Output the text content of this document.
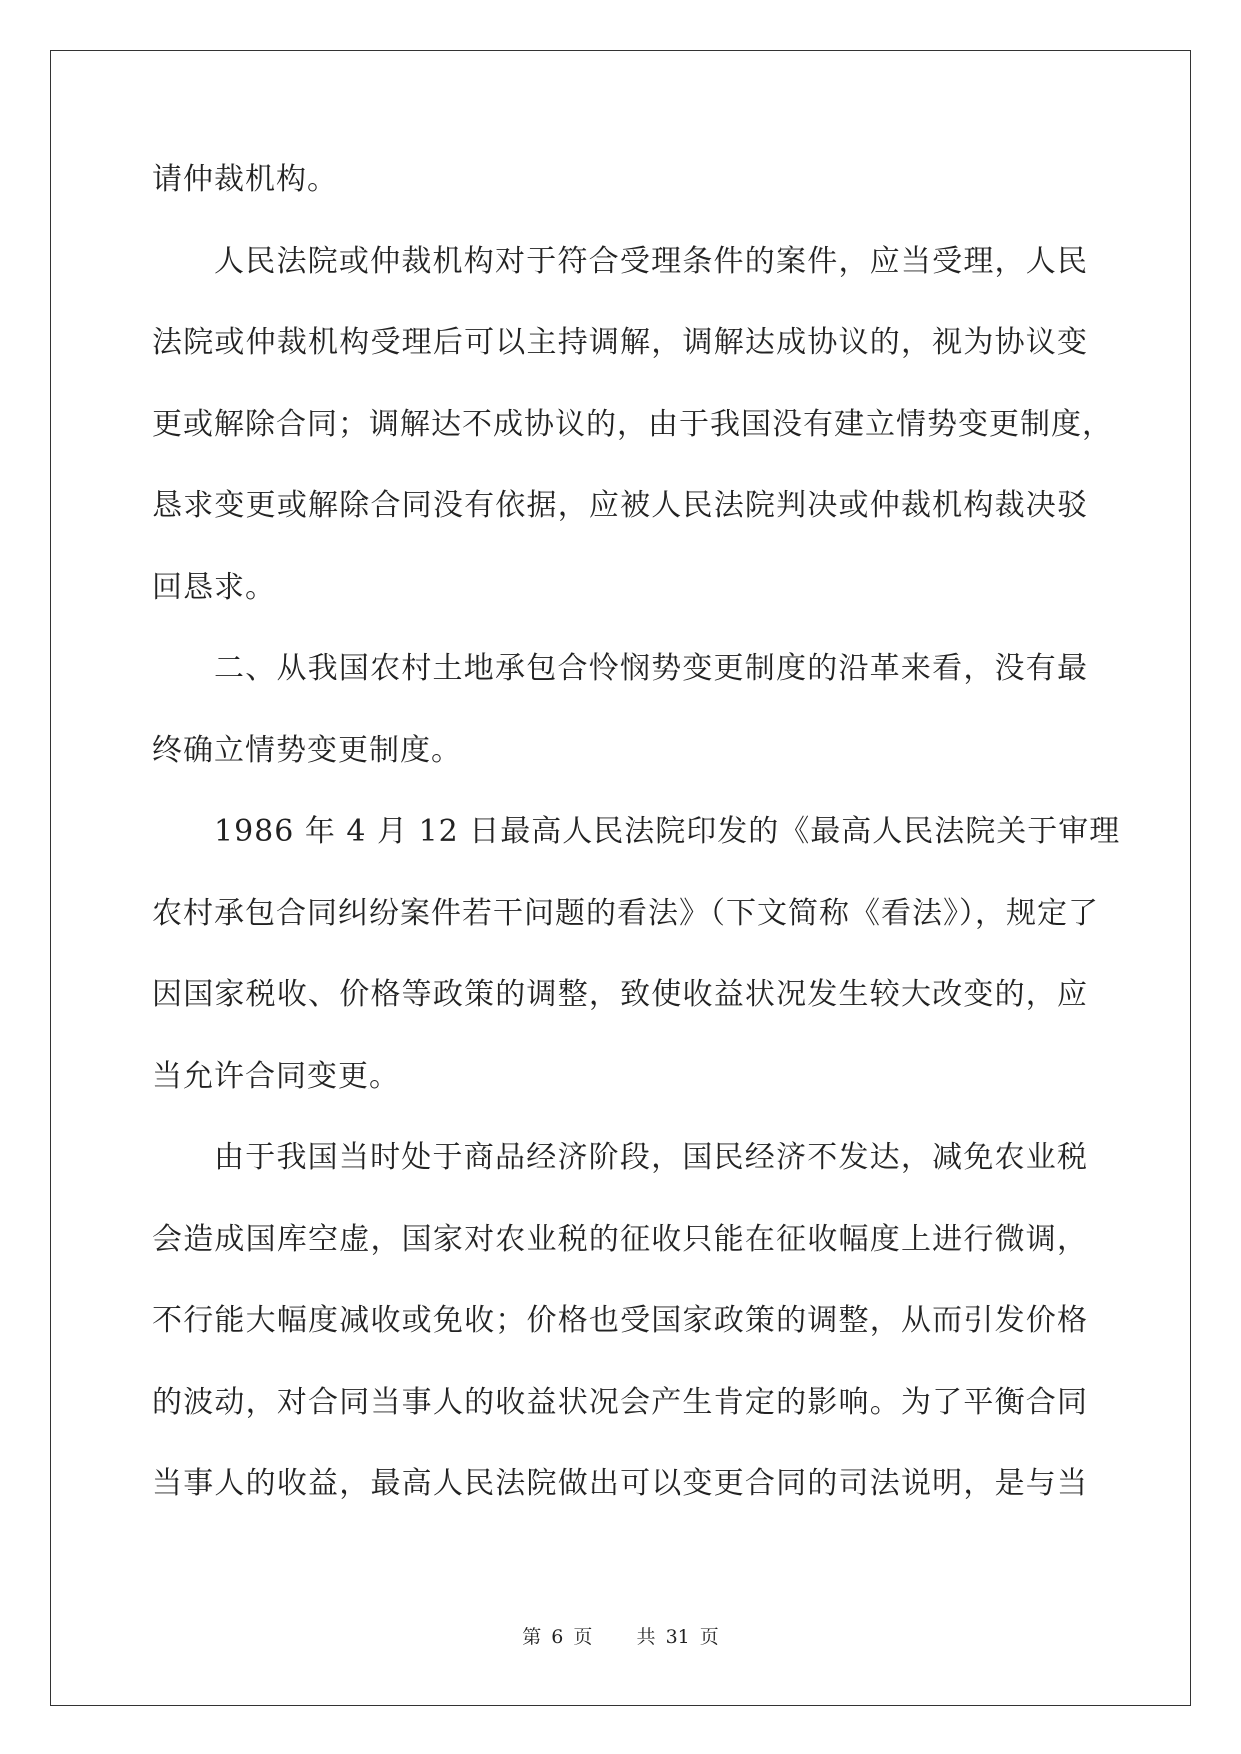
请仲裁机构。
人民法院或仲裁机构对于符合受理条件的案件，应当受理，人民
法院或仲裁机构受理后可以主持调解，调解达成协议的，视为协议变
更或解除合同；调解达不成协议的，由于我国没有建立情势变更制度，
恳求变更或解除合同没有依据，应被人民法院判决或仲裁机构裁决驳
回恳求。
二、从我国农村土地承包合怜悯势变更制度的沿革来看，没有最
终确立情势变更制度。
1986 年 4 月 12 日最高人民法院印发的《最高人民法院关于审理
农村承包合同纠纷案件若干问题的看法》（下文简称《看法》），规定了
因国家税收、价格等政策的调整，致使收益状况发生较大改变的，应
当允许合同变更。
由于我国当时处于商品经济阶段，国民经济不发达，减免农业税
会造成国库空虚，国家对农业税的征收只能在征收幅度上进行微调，
不行能大幅度减收或免收；价格也受国家政策的调整，从而引发价格
的波动，对合同当事人的收益状况会产生肯定的影响。为了平衡合同
当事人的收益，最高人民法院做出可以变更合同的司法说明，是与当
第 6 页 共 31 页
